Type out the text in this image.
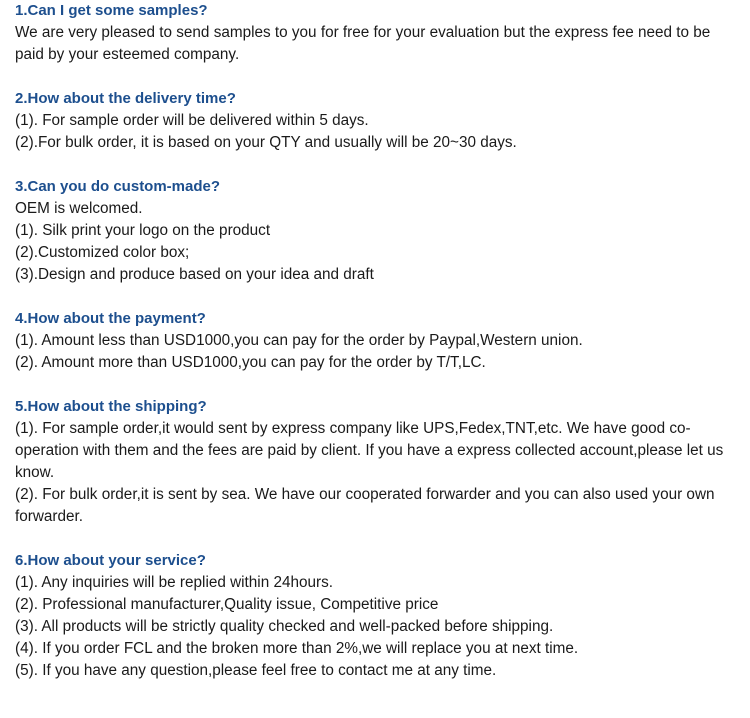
1.Can I get some samples?

We are very pleased to send samples to you for free for your evaluation but the express fee need to be paid by your esteemed company.

2.How about the delivery time?

(1). For sample order will be delivered within 5 days.

(2).For bulk order, it is based on your QTY and usually will be 20~30 days.

3.Can you do custom-made?

OEM is welcomed.

(1). Silk print your logo on the product

(2).Customized color box;

(3).Design and produce based on your idea and draft

4.How about the payment?

(1). Amount less than USD1000,you can pay for the order by Paypal,Western union.

(2). Amount more than USD1000,you can pay for the order by T/T,LC.

5.How about the shipping?

(1). For sample order,it would sent by express company like UPS,Fedex,TNT,etc. We have good co-operation with them and the fees are paid by client. If you have a express collected account,please let us know.

(2). For bulk order,it is sent by sea. We have our cooperated forwarder and you can also used your own forwarder.

6.How about your service?

(1). Any inquiries will be replied within 24hours.

(2). Professional manufacturer,Quality issue, Competitive price

(3). All products will be strictly quality checked and well-packed before shipping.

(4). If you order FCL and the broken more than 2%,we will replace you at next time.

(5). If you have any question,please feel free to contact me at any time.
